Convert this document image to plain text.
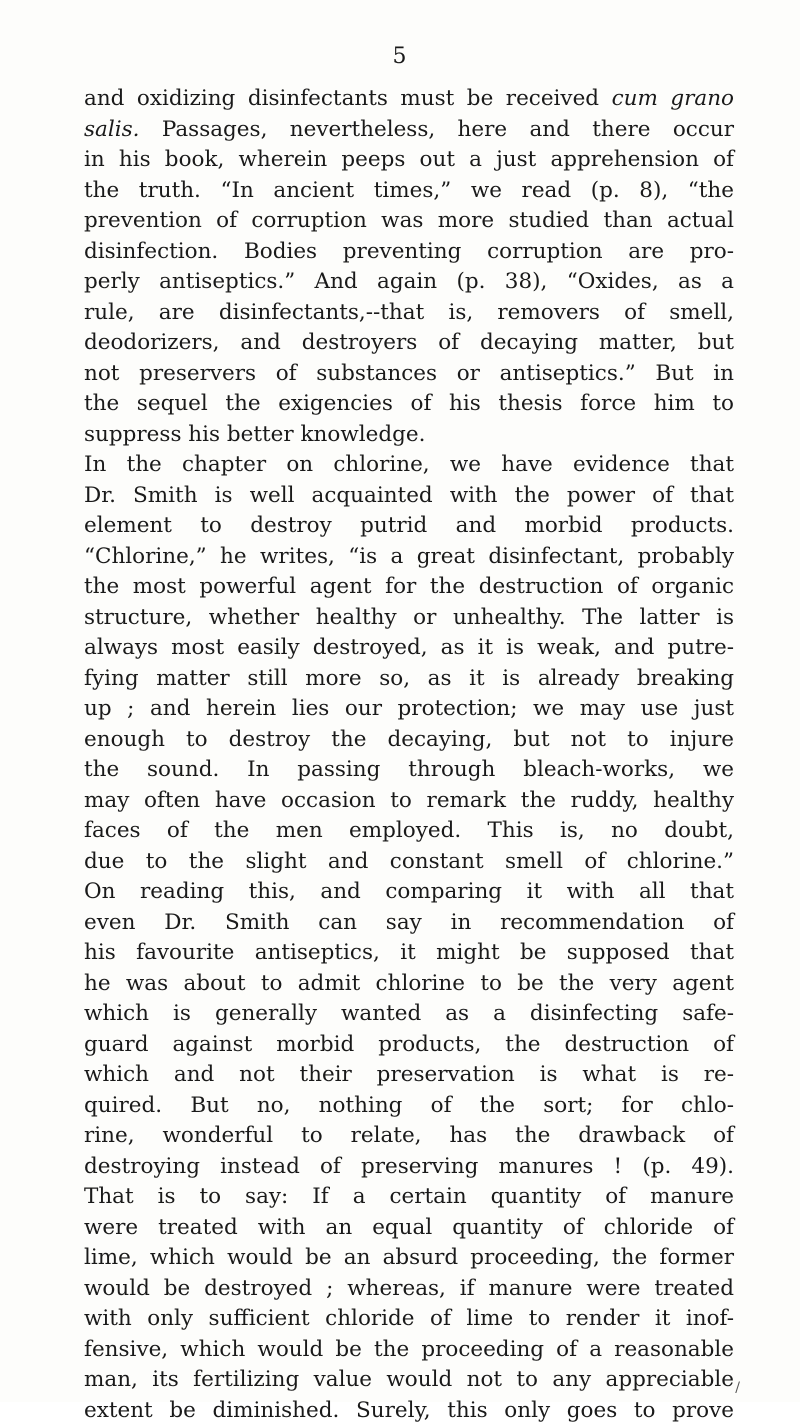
5
and oxidizing disinfectants must be received cum grano
salis. Passages, nevertheless, here and there occur
in his book, wherein peeps out a just apprehension of
the truth. “In ancient times,” we read (p. 8), “the
prevention of corruption was more studied than actual
disinfection. Bodies preventing corruption are pro-
perly antiseptics.” And again (p. 38), “Oxides, as a
rule, are disinfectants,--that is, removers of smell,
deodorizers, and destroyers of decaying matter, but
not preservers of substances or antiseptics.” But in
the sequel the exigencies of his thesis force him to
suppress his better knowledge.
In the chapter on chlorine, we have evidence that
Dr. Smith is well acquainted with the power of that
element to destroy putrid and morbid products.
“Chlorine,” he writes, “is a great disinfectant, probably
the most powerful agent for the destruction of organic
structure, whether healthy or unhealthy. The latter is
always most easily destroyed, as it is weak, and putre-
fying matter still more so, as it is already breaking
up ; and herein lies our protection; we may use just
enough to destroy the decaying, but not to injure
the sound. In passing through bleach-works, we
may often have occasion to remark the ruddy, healthy
faces of the men employed. This is, no doubt,
due to the slight and constant smell of chlorine.”
On reading this, and comparing it with all that
even Dr. Smith can say in recommendation of
his favourite antiseptics, it might be supposed that
he was about to admit chlorine to be the very agent
which is generally wanted as a disinfecting safe-
guard against morbid products, the destruction of
which and not their preservation is what is re-
quired. But no, nothing of the sort; for chlo-
rine, wonderful to relate, has the drawback of
destroying instead of preserving manures ! (p. 49).
That is to say: If a certain quantity of manure
were treated with an equal quantity of chloride of
lime, which would be an absurd proceeding, the former
would be destroyed ; whereas, if manure were treated
with only sufficient chloride of lime to render it inof-
fensive, which would be the proceeding of a reasonable
man, its fertilizing value would not to any appreciable
extent be diminished. Surely, this only goes to prove
/
